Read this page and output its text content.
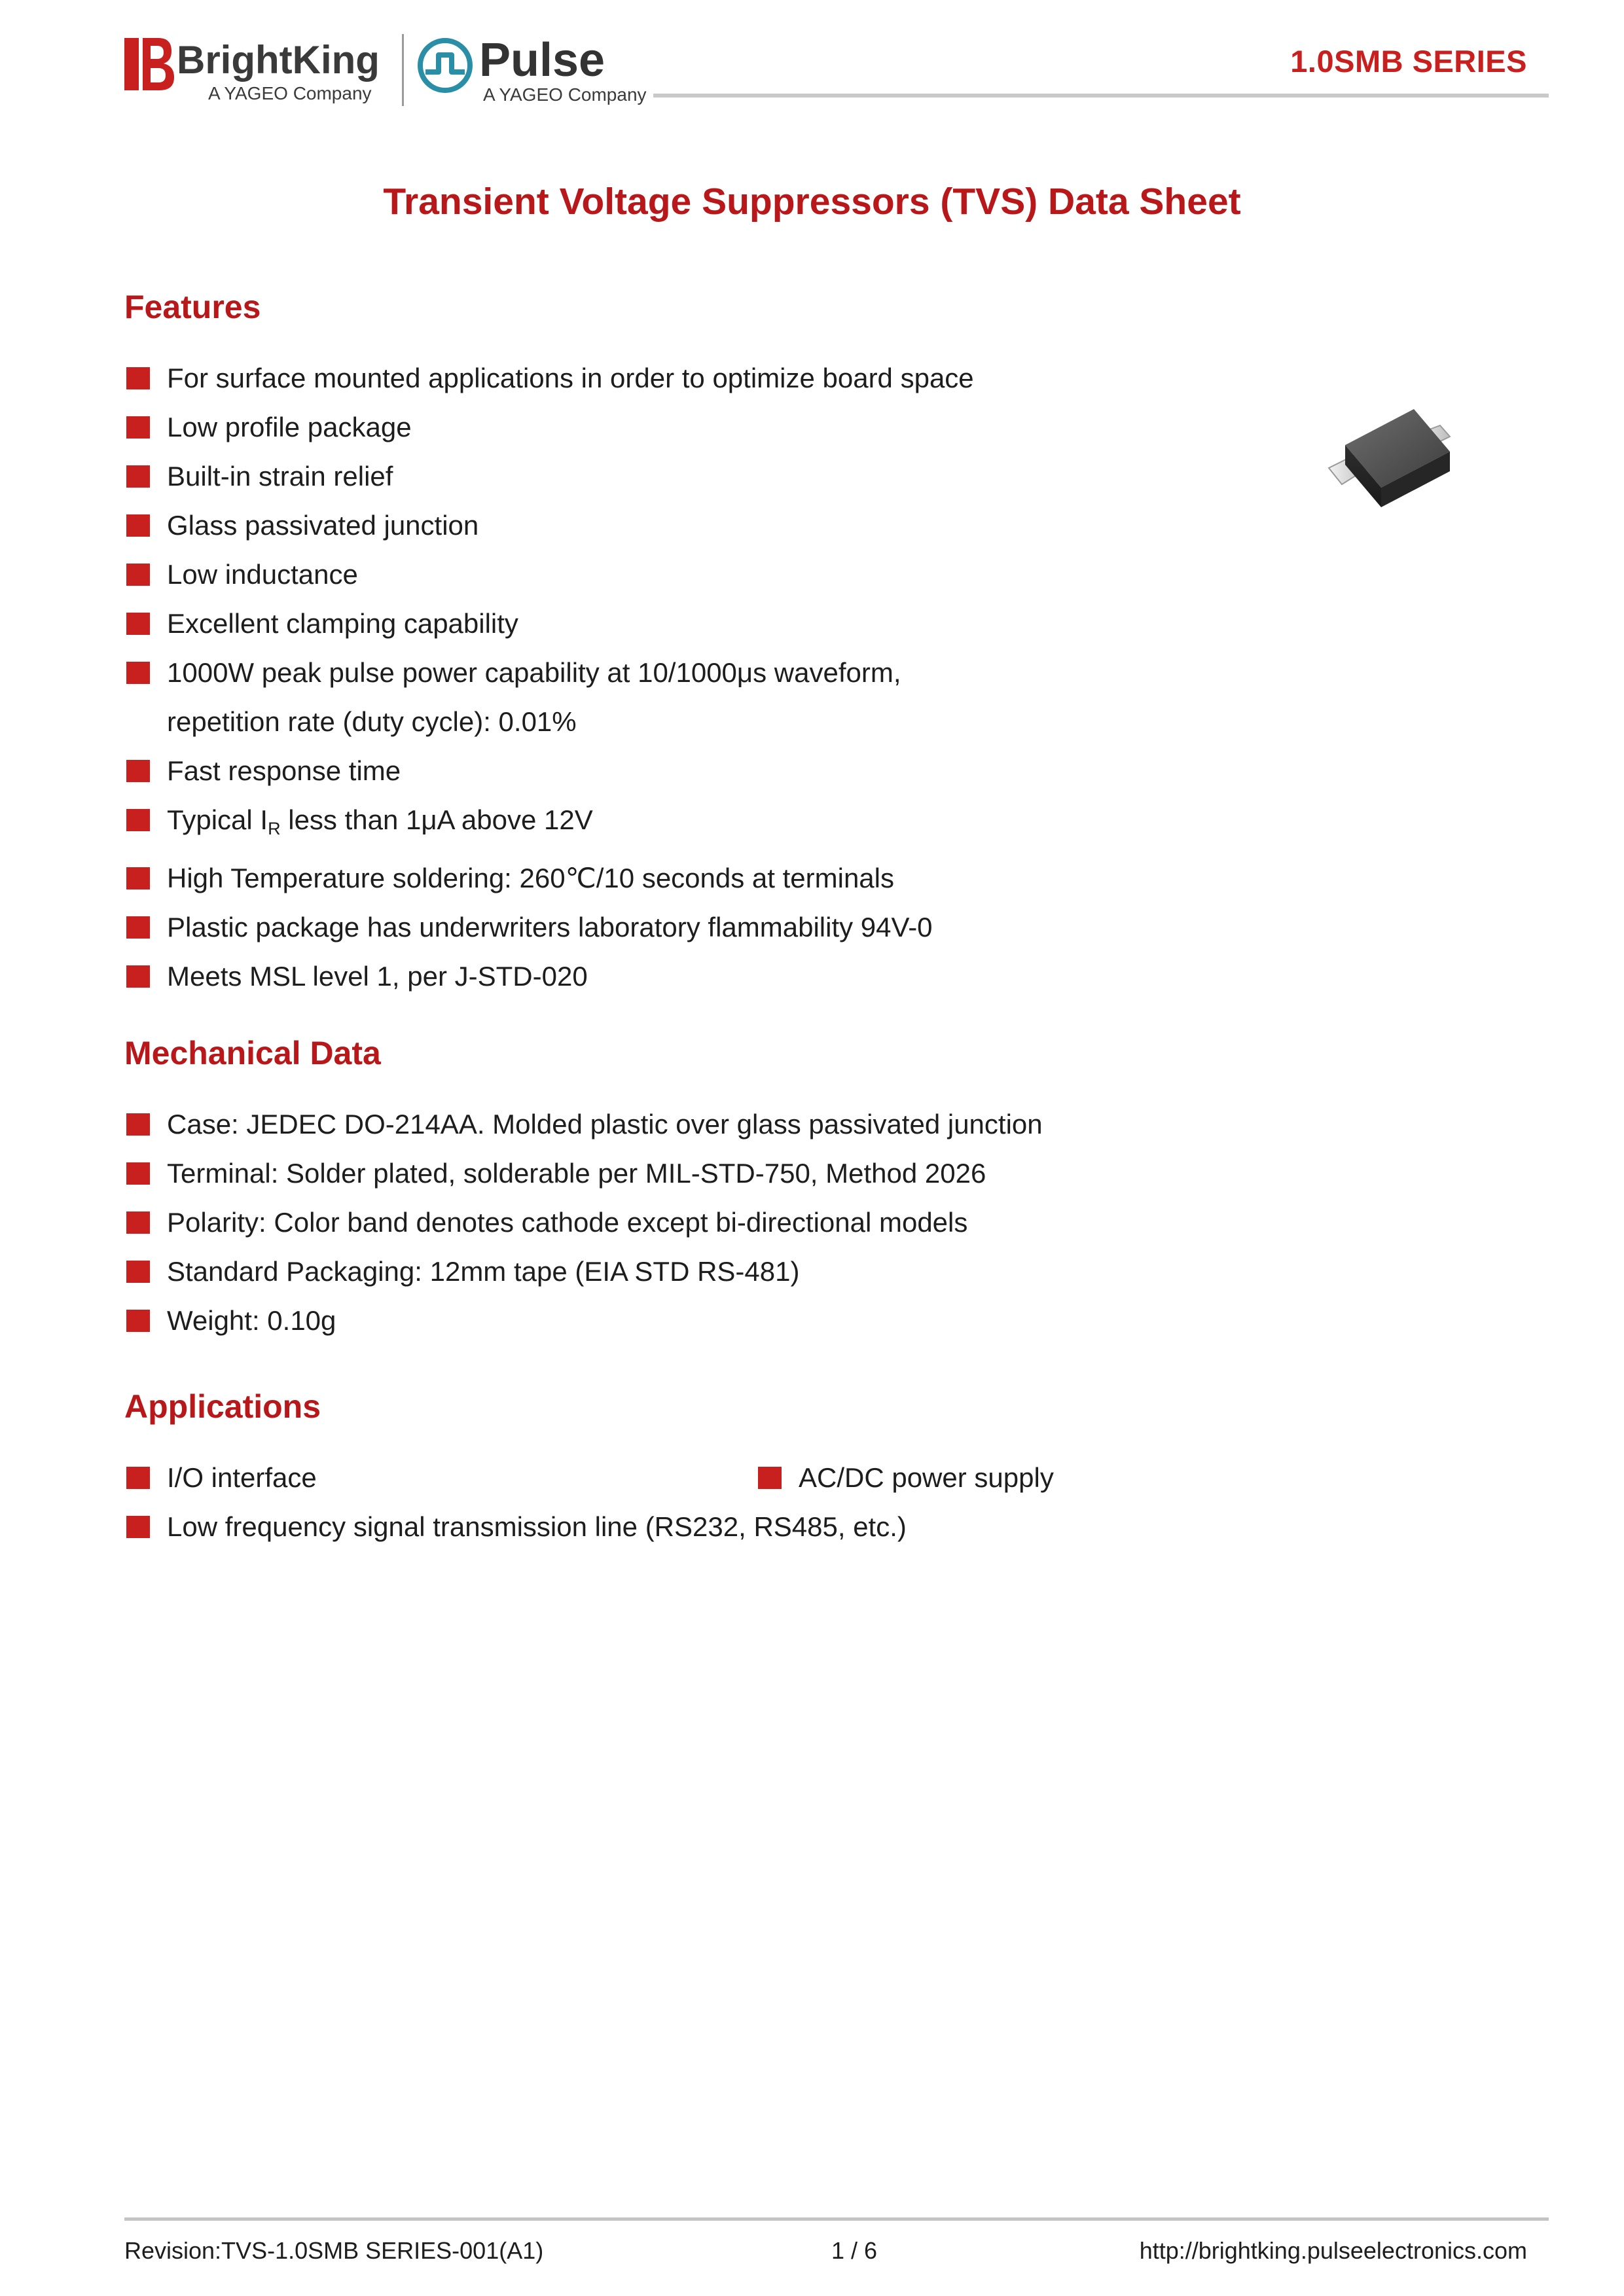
BrightKing
A YAGEO Company
Pulse
A YAGEO Company
1.0SMB SERIES
Transient Voltage Suppressors (TVS) Data Sheet
Features
For surface mounted applications in order to optimize board space
Low profile package
Built-in strain relief
Glass passivated junction
Low inductance
Excellent clamping capability
1000W peak pulse power capability at 10/1000μs waveform,
repetition rate (duty cycle): 0.01%
Fast response time
Typical IR less than 1μA above 12V
High Temperature soldering: 260℃/10 seconds at terminals
Plastic package has underwriters laboratory flammability 94V-0
Meets MSL level 1, per J-STD-020
Mechanical Data
Case: JEDEC DO-214AA. Molded plastic over glass passivated junction
Terminal: Solder plated, solderable per MIL-STD-750, Method 2026
Polarity: Color band denotes cathode except bi-directional models
Standard Packaging: 12mm tape (EIA STD RS-481)
Weight: 0.10g
Applications
I/O interface
Low frequency signal transmission line (RS232, RS485, etc.)
AC/DC power supply
Revision:TVS-1.0SMB SERIES-001(A1)	1 / 6	http://brightking.pulseelectronics.com
